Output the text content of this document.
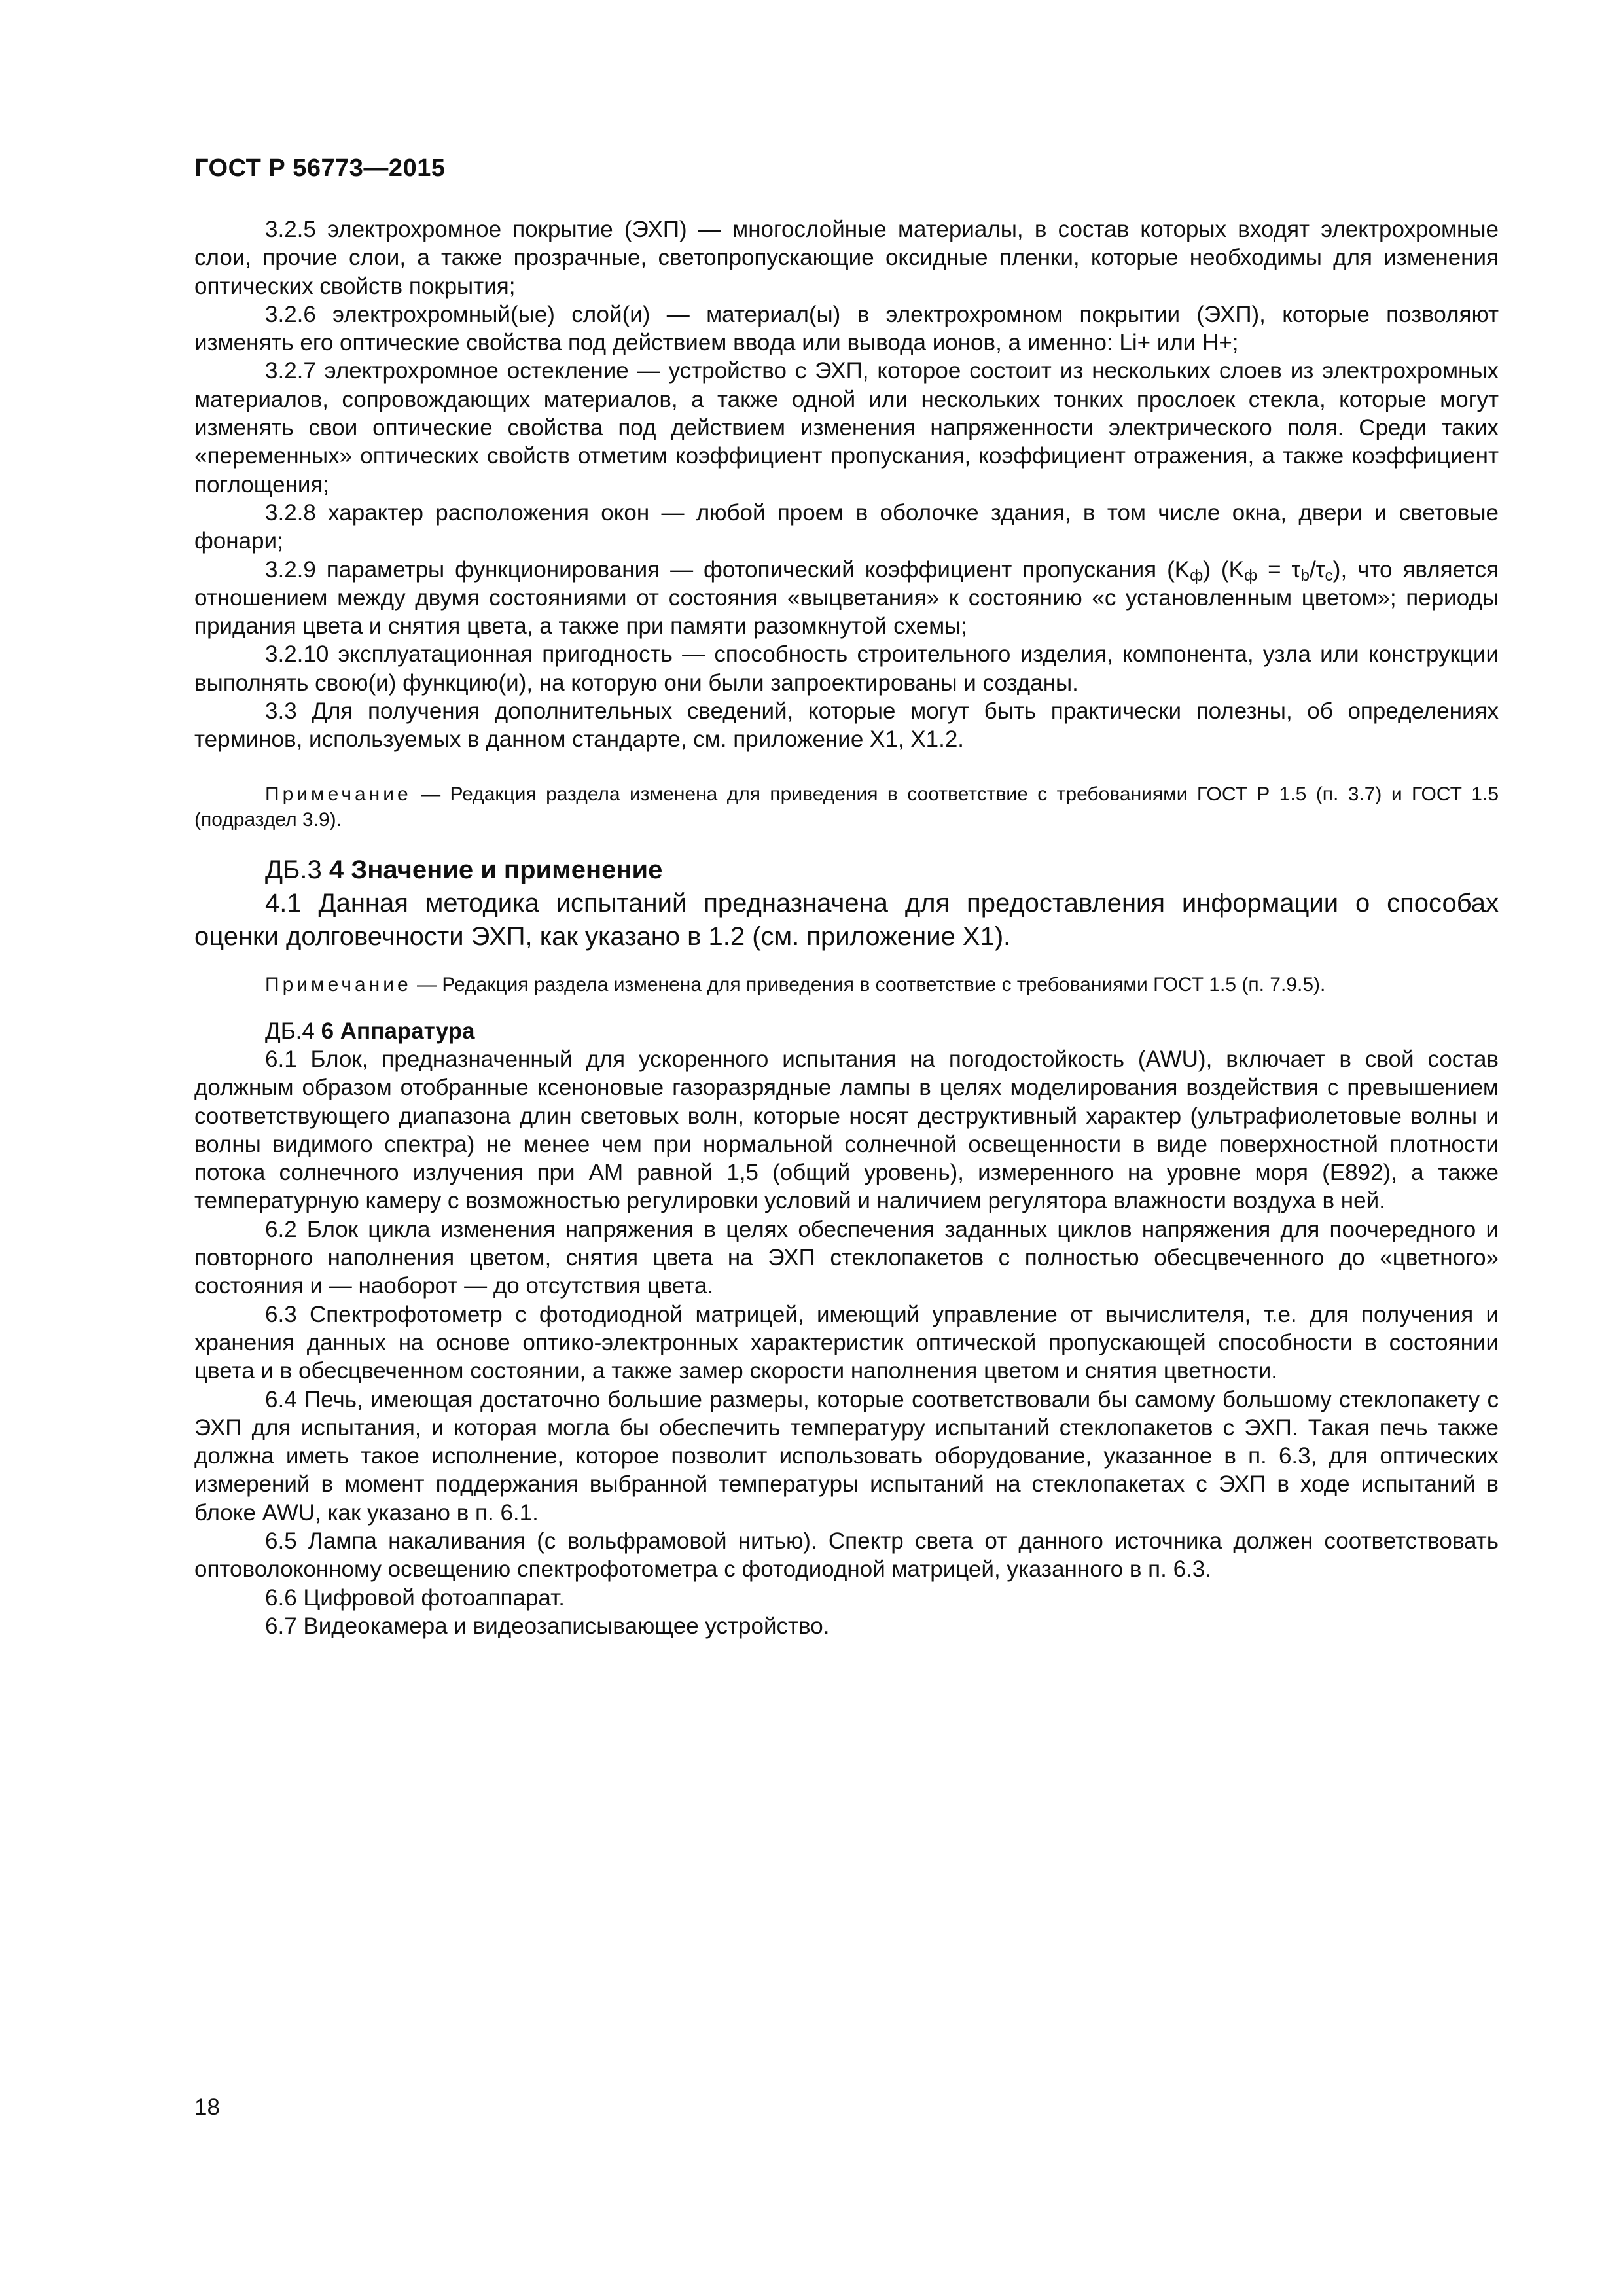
ГОСТ Р 56773—2015

3.2.5 электрохромное покрытие (ЭХП) — многослойные материалы, в состав которых входят электрохромные слои, прочие слои, а также прозрачные, светопропускающие оксидные пленки, которые необходимы для изменения оптических свойств покрытия;

3.2.6 электрохромный(ые) слой(и) — материал(ы) в электрохромном покрытии (ЭХП), которые позволяют изменять его оптические свойства под действием ввода или вывода ионов, а именно: Li+ или H+;

3.2.7 электрохромное остекление — устройство с ЭХП, которое состоит из нескольких слоев из электрохромных материалов, сопровождающих материалов, а также одной или нескольких тонких прослоек стекла, которые могут изменять свои оптические свойства под действием изменения напряженности электрического поля. Среди таких «переменных» оптических свойств отметим коэффициент пропускания, коэффициент отражения, а также коэффициент поглощения;

3.2.8 характер расположения окон — любой проем в оболочке здания, в том числе окна, двери и световые фонари;

3.2.9 параметры функционирования — фотопический коэффициент пропускания $(K_ф) (K_ф = \tau_b/\tau_c)$, что является отношением между двумя состояниями от состояния «выцветания» к состоянию «с установленным цветом»; периоды придания цвета и снятия цвета, а также при памяти разомкнутой схемы;

3.2.10 эксплуатационная пригодность — способность строительного изделия, компонента, узла или конструкции выполнять свою(и) функцию(и), на которую они были запроектированы и созданы.

3.3 Для получения дополнительных сведений, которые могут быть практически полезны, об определениях терминов, используемых в данном стандарте, см. приложение X1, X1.2.

Примечание — Редакция раздела изменена для приведения в соответствие с требованиями ГОСТ Р 1.5 (п. 3.7) и ГОСТ 1.5 (подраздел 3.9).

ДБ.3 4 Значение и применение

4.1 Данная методика испытаний предназначена для предоставления информации о способах оценки долговечности ЭХП, как указано в 1.2 (см. приложение X1).

Примечание — Редакция раздела изменена для приведения в соответствие с требованиями ГОСТ 1.5 (п. 7.9.5).

ДБ.4 6 Аппаратура

6.1 Блок, предназначенный для ускоренного испытания на погодостойкость (AWU), включает в свой состав должным образом отобранные ксеноновые газоразрядные лампы в целях моделирования воздействия с превышением соответствующего диапазона длин световых волн, которые носят деструктивный характер (ультрафиолетовые волны и волны видимого спектра) не менее чем при нормальной солнечной освещенности в виде поверхностной плотности потока солнечного излучения при АМ равной 1,5 (общий уровень), измеренного на уровне моря (E892), а также температурную камеру с возможностью регулировки условий и наличием регулятора влажности воздуха в ней.

6.2 Блок цикла изменения напряжения в целях обеспечения заданных циклов напряжения для поочередного и повторного наполнения цветом, снятия цвета на ЭХП стеклопакетов с полностью обесцвеченного до «цветного» состояния и — наоборот — до отсутствия цвета.

6.3 Спектрофотометр с фотодиодной матрицей, имеющий управление от вычислителя, т.е. для получения и хранения данных на основе оптико-электронных характеристик оптической пропускающей способности в состоянии цвета и в обесцвеченном состоянии, а также замер скорости наполнения цветом и снятия цветности.

6.4 Печь, имеющая достаточно большие размеры, которые соответствовали бы самому большому стеклопакету с ЭХП для испытания, и которая могла бы обеспечить температуру испытаний стеклопакетов с ЭХП. Такая печь также должна иметь такое исполнение, которое позволит использовать оборудование, указанное в п. 6.3, для оптических измерений в момент поддержания выбранной температуры испытаний на стеклопакетах с ЭХП в ходе испытаний в блоке AWU, как указано в п. 6.1.

6.5 Лампа накаливания (с вольфрамовой нитью). Спектр света от данного источника должен соответствовать оптоволоконному освещению спектрофотометра с фотодиодной матрицей, указанного в п. 6.3.

6.6 Цифровой фотоаппарат.

6.7 Видеокамера и видеозаписывающее устройство.

18
